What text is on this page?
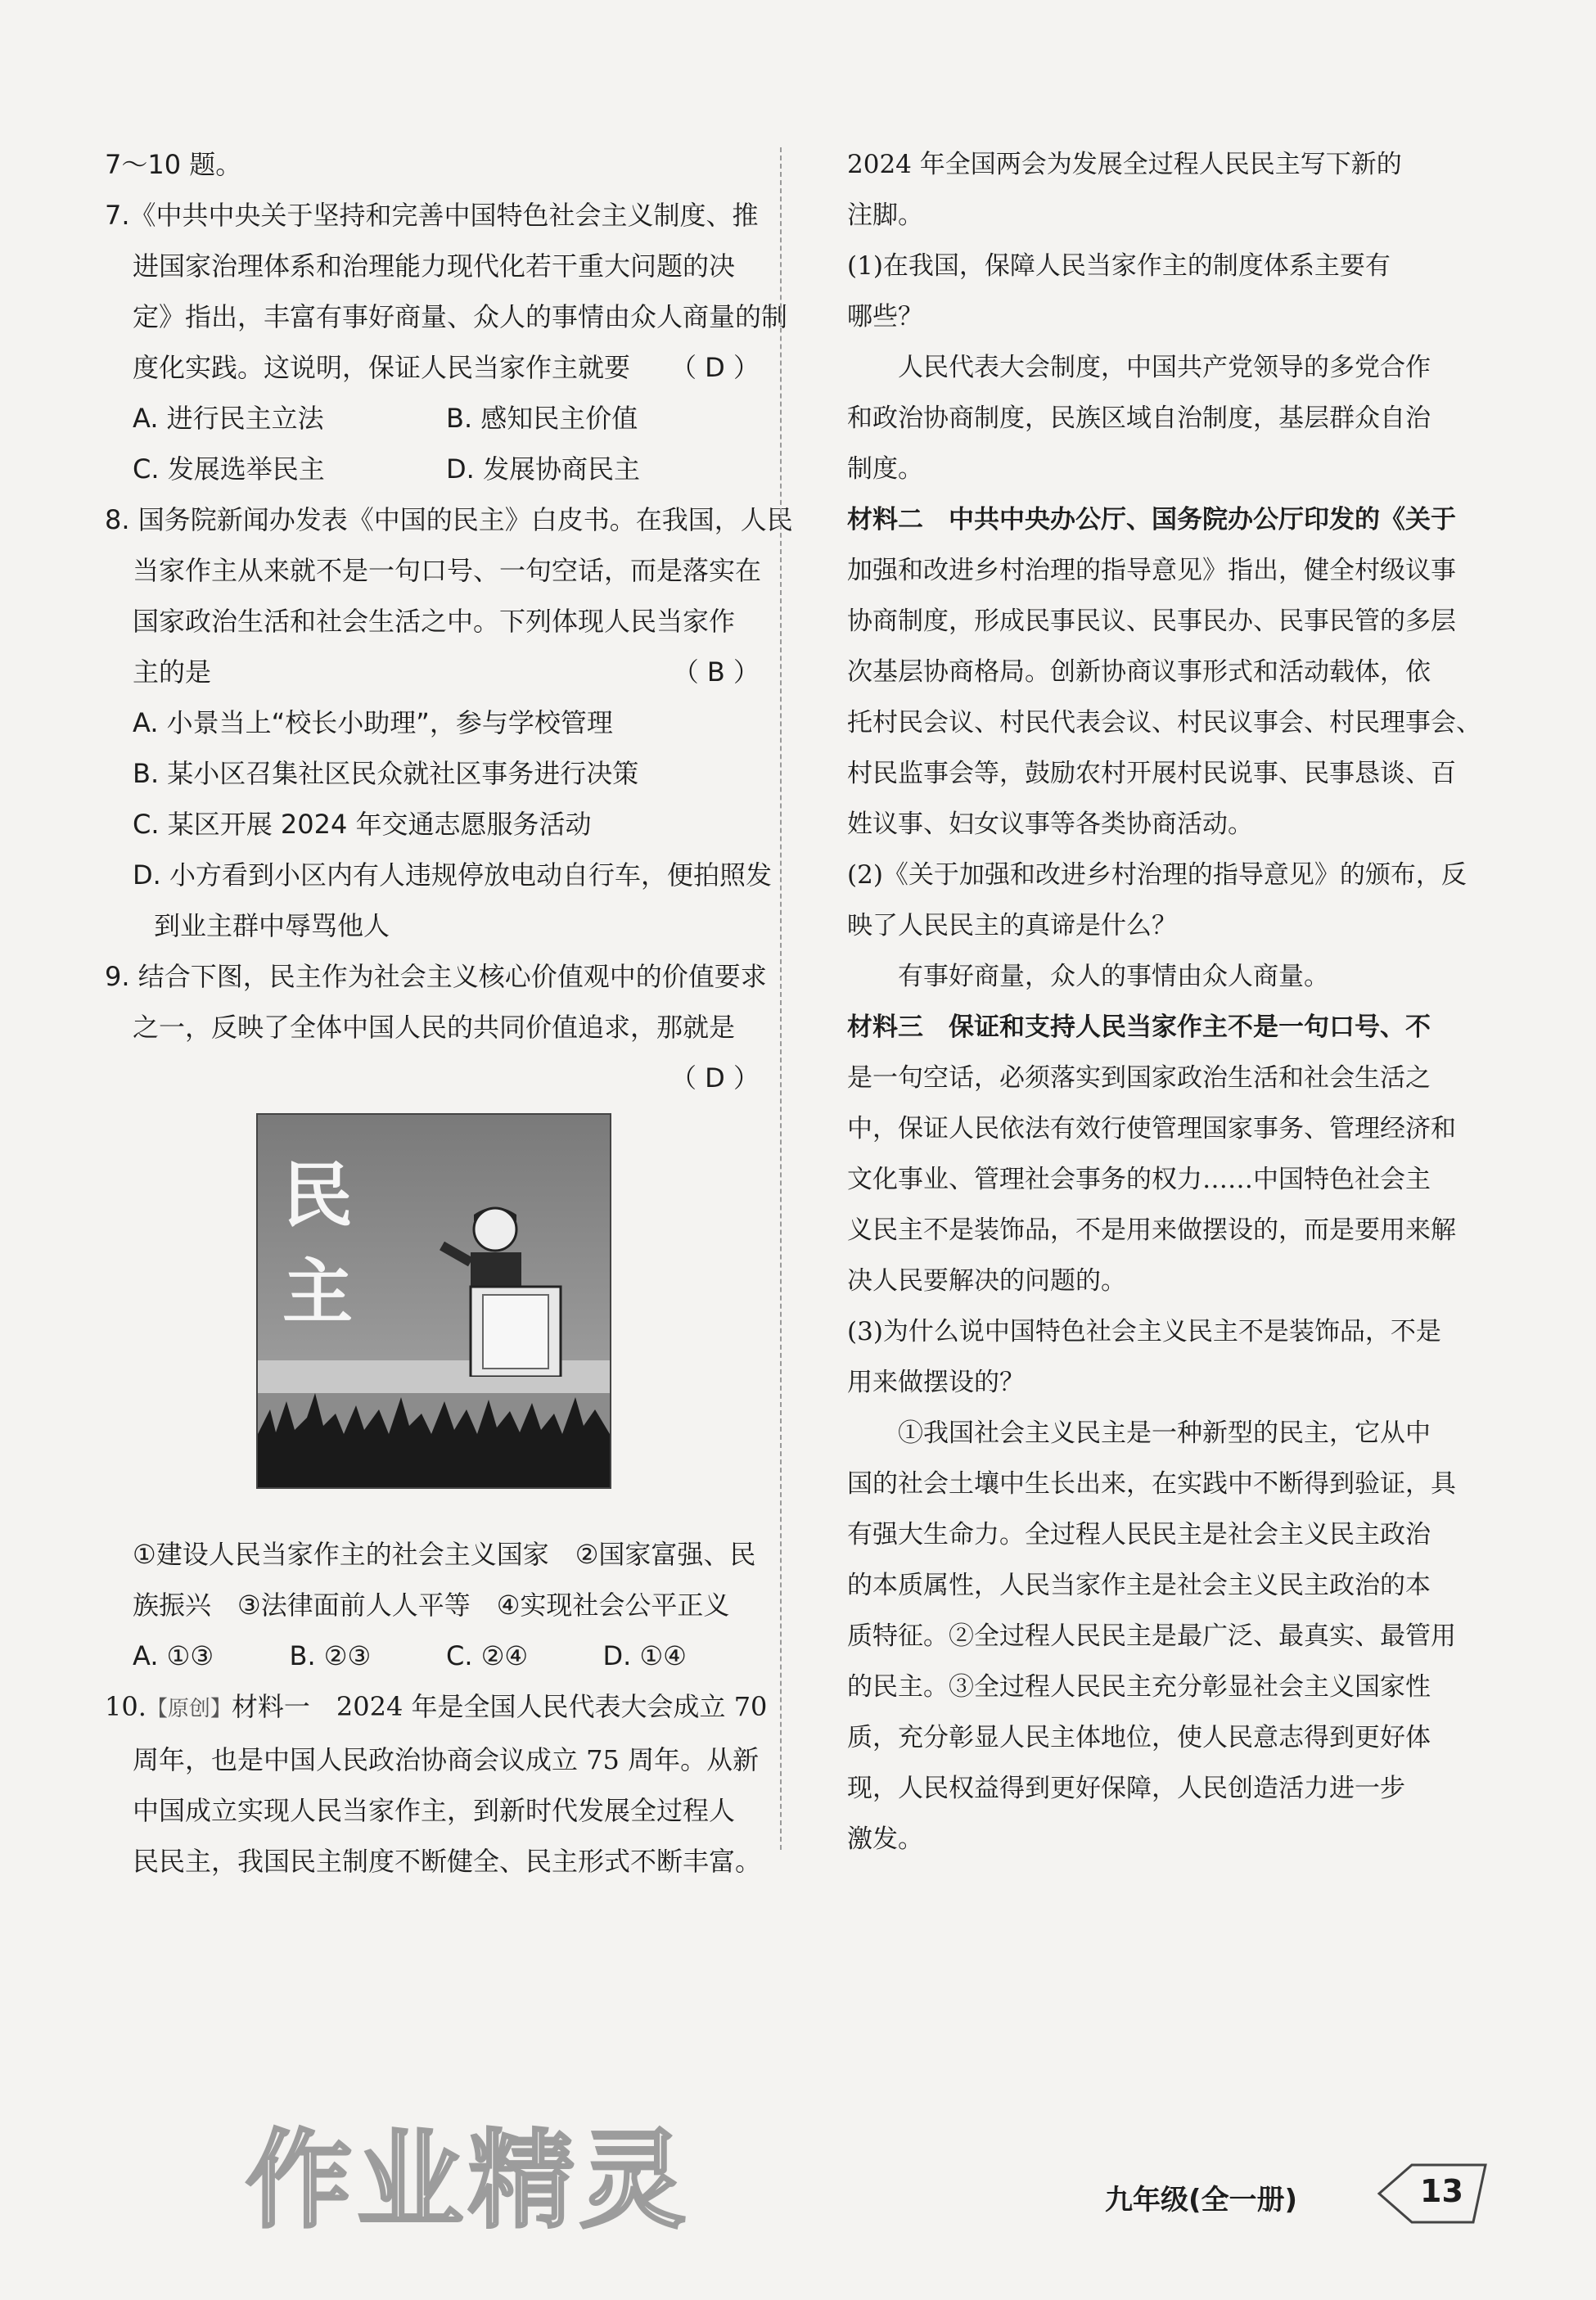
7～10 题。
7.《中共中央关于坚持和完善中国特色社会主义制度、推
进国家治理体系和治理能力现代化若干重大问题的决
定》指出，丰富有事好商量、众人的事情由众人商量的制
度化实践。这说明，保证人民当家作主就要 （ D ）
A. 进行民主立法	B. 感知民主价值
C. 发展选举民主	D. 发展协商民主
8. 国务院新闻办发表《中国的民主》白皮书。在我国，人民
当家作主从来就不是一句口号、一句空话，而是落实在
国家政治生活和社会生活之中。下列体现人民当家作
主的是	（ B ）
A. 小景当上“校长小助理”，参与学校管理
B. 某小区召集社区民众就社区事务进行决策
C. 某区开展 2024 年交通志愿服务活动
D. 小方看到小区内有人违规停放电动自行车，便拍照发
到业主群中辱骂他人
9. 结合下图，民主作为社会主义核心价值观中的价值要求
之一，反映了全体中国人民的共同价值追求，那就是
（ D ）
①建设人民当家作主的社会主义国家　②国家富强、民
族振兴　③法律面前人人平等　④实现社会公平正义
A. ①③	B. ②③	C. ②④	D. ①④
10.【原创】材料一　2024 年是全国人民代表大会成立 70
周年，也是中国人民政治协商会议成立 75 周年。从新
中国成立实现人民当家作主，到新时代发展全过程人
民民主，我国民主制度不断健全、民主形式不断丰富。
民主
2024 年全国两会为发展全过程人民民主写下新的
注脚。
(1)在我国，保障人民当家作主的制度体系主要有
哪些？
　　人民代表大会制度，中国共产党领导的多党合作
和政治协商制度，民族区域自治制度，基层群众自治
制度。
材料二　中共中央办公厅、国务院办公厅印发的《关于
加强和改进乡村治理的指导意见》指出，健全村级议事
协商制度，形成民事民议、民事民办、民事民管的多层
次基层协商格局。创新协商议事形式和活动载体，依
托村民会议、村民代表会议、村民议事会、村民理事会、
村民监事会等，鼓励农村开展村民说事、民事恳谈、百
姓议事、妇女议事等各类协商活动。
(2)《关于加强和改进乡村治理的指导意见》的颁布，反
映了人民民主的真谛是什么？
　　有事好商量，众人的事情由众人商量。
材料三　保证和支持人民当家作主不是一句口号、不
是一句空话，必须落实到国家政治生活和社会生活之
中，保证人民依法有效行使管理国家事务、管理经济和
文化事业、管理社会事务的权力……中国特色社会主
义民主不是装饰品，不是用来做摆设的，而是要用来解
决人民要解决的问题的。
(3)为什么说中国特色社会主义民主不是装饰品，不是
用来做摆设的？
　　①我国社会主义民主是一种新型的民主，它从中
国的社会土壤中生长出来，在实践中不断得到验证，具
有强大生命力。全过程人民民主是社会主义民主政治
的本质属性，人民当家作主是社会主义民主政治的本
质特征。②全过程人民民主是最广泛、最真实、最管用
的民主。③全过程人民民主充分彰显社会主义国家性
质，充分彰显人民主体地位，使人民意志得到更好体
现，人民权益得到更好保障，人民创造活力进一步
激发。
作业精灵	九年级(全一册)	13
